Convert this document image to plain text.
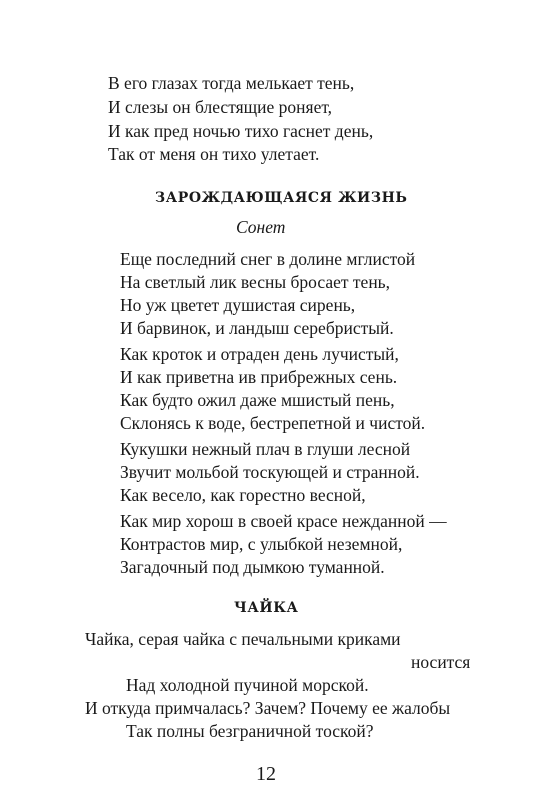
В его глазах тогда мелькает тень,
И слезы он блестящие роняет,
И как пред ночью тихо гаснет день,
Так от меня он тихо улетает.
ЗАРОЖДАЮЩАЯСЯ ЖИЗНЬ
Сонет
Еще последний снег в долине мглистой
На светлый лик весны бросает тень,
Но уж цветет душистая сирень,
И барвинок, и ландыш серебристый.
Как кроток и отраден день лучистый,
И как приветна ив прибрежных сень.
Как будто ожил даже мшистый пень,
Склонясь к воде, бестрепетной и чистой.
Кукушки нежный плач в глуши лесной
Звучит мольбой тоскующей и странной.
Как весело, как горестно весной,
Как мир хорош в своей красе нежданной —
Контрастов мир, с улыбкой неземной,
Загадочный под дымкою туманной.
ЧАЙКА
Чайка, серая чайка с печальными криками
носится
Над холодной пучиной морской.
И откуда примчалась? Зачем? Почему ее жалобы
Так полны безграничной тоской?
12
